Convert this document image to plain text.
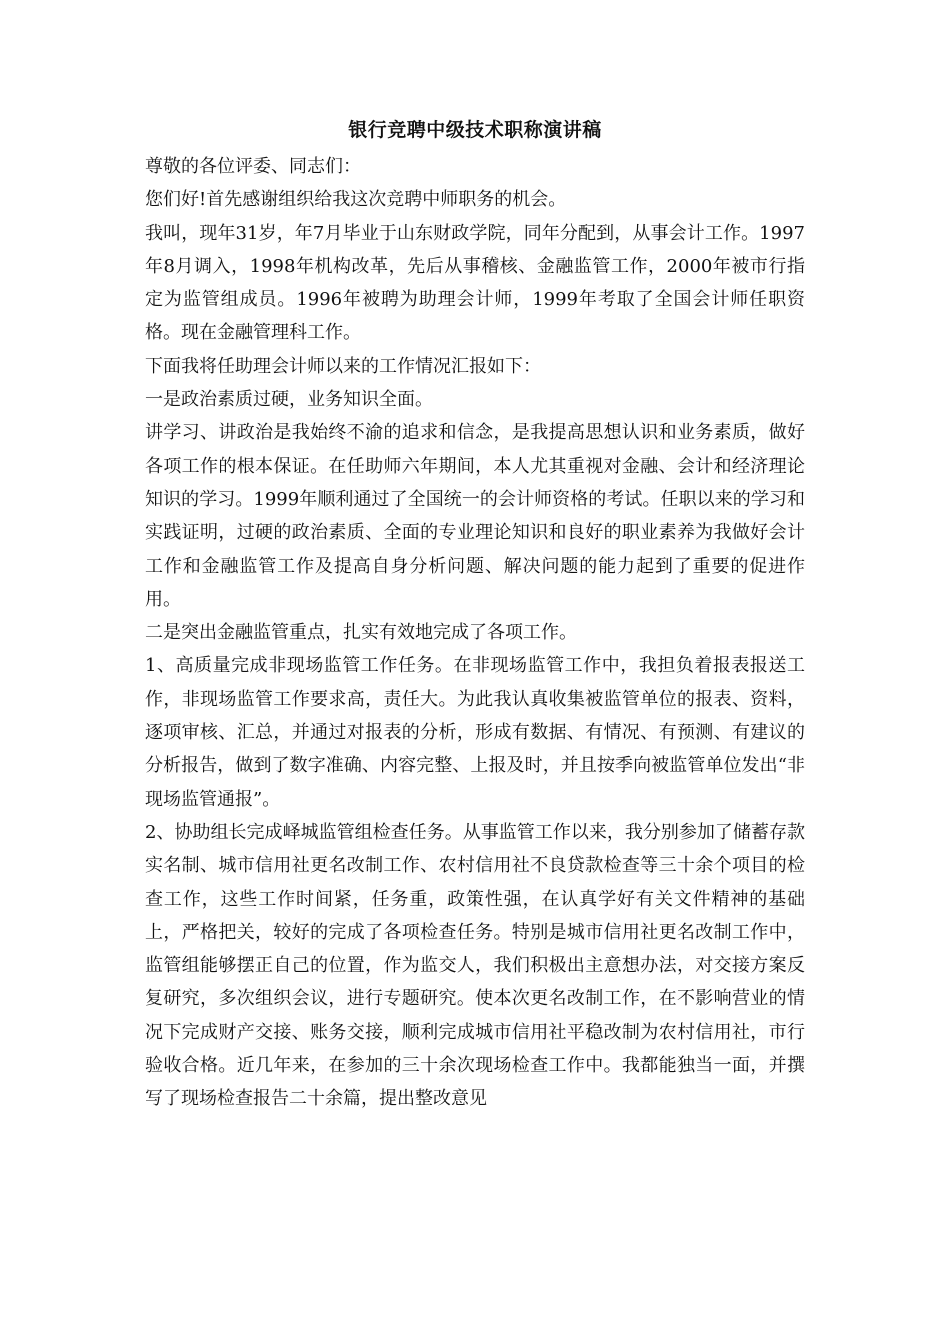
银行竞聘中级技术职称演讲稿

尊敬的各位评委、同志们：

您们好!首先感谢组织给我这次竞聘中师职务的机会。

我叫，现年31岁，年7月毕业于山东财政学院，同年分配到，从事会计工作。1997年8月调入，1998年机构改革，先后从事稽核、金融监管工作，2000年被市行指定为监管组成员。1996年被聘为助理会计师，1999年考取了全国会计师任职资格。现在金融管理科工作。

下面我将任助理会计师以来的工作情况汇报如下：

一是政治素质过硬，业务知识全面。

讲学习、讲政治是我始终不渝的追求和信念，是我提高思想认识和业务素质，做好各项工作的根本保证。在任助师六年期间，本人尤其重视对金融、会计和经济理论知识的学习。1999年顺利通过了全国统一的会计师资格的考试。任职以来的学习和实践证明，过硬的政治素质、全面的专业理论知识和良好的职业素养为我做好会计工作和金融监管工作及提高自身分析问题、解决问题的能力起到了重要的促进作用。

二是突出金融监管重点，扎实有效地完成了各项工作。

1、高质量完成非现场监管工作任务。在非现场监管工作中，我担负着报表报送工作，非现场监管工作要求高，责任大。为此我认真收集被监管单位的报表、资料，逐项审核、汇总，并通过对报表的分析，形成有数据、有情况、有预测、有建议的分析报告，做到了数字准确、内容完整、上报及时，并且按季向被监管单位发出“非现场监管通报”。

2、协助组长完成峄城监管组检查任务。从事监管工作以来，我分别参加了储蓄存款实名制、城市信用社更名改制工作、农村信用社不良贷款检查等三十余个项目的检查工作，这些工作时间紧，任务重，政策性强，在认真学好有关文件精神的基础上，严格把关，较好的完成了各项检查任务。特别是城市信用社更名改制工作中，监管组能够摆正自己的位置，作为监交人，我们积极出主意想办法，对交接方案反复研究，多次组织会议，进行专题研究。使本次更名改制工作，在不影响营业的情况下完成财产交接、账务交接，顺利完成城市信用社平稳改制为农村信用社，市行验收合格。近几年来，在参加的三十余次现场检查工作中。我都能独当一面，并撰写了现场检查报告二十余篇，提出整改意见
